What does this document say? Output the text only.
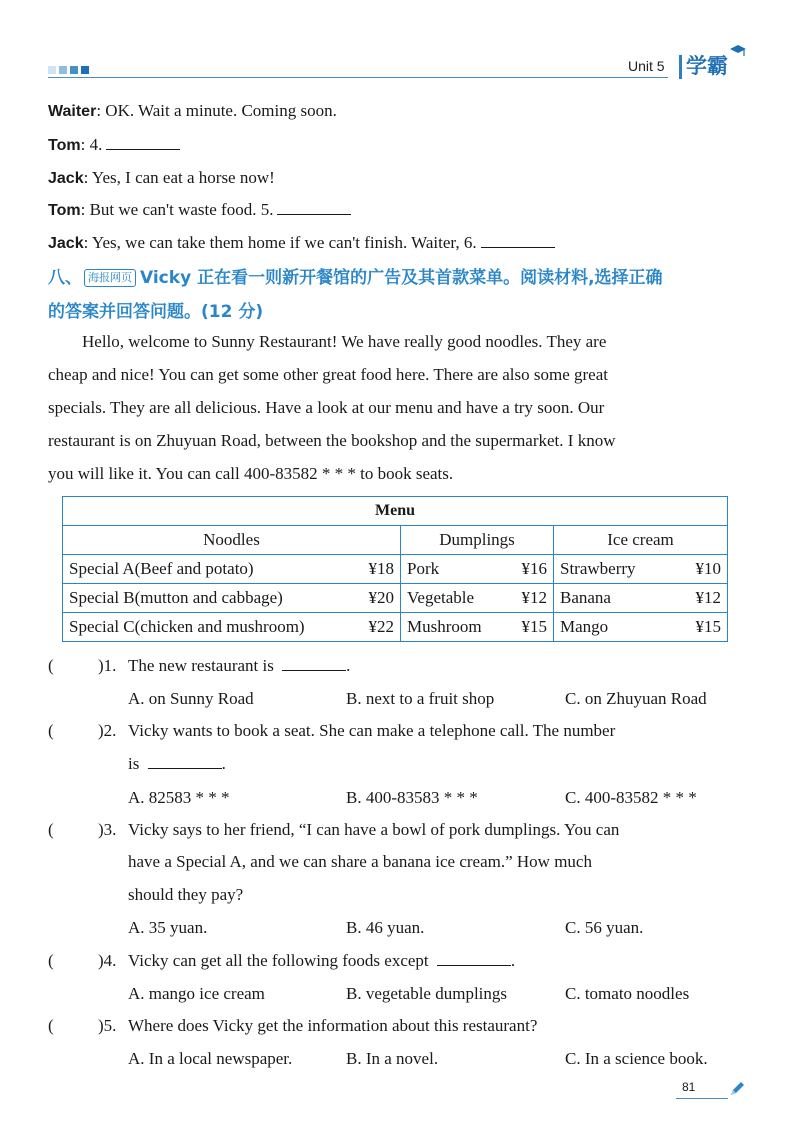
Unit 5 学霸
Waiter: OK. Wait a minute. Coming soon.
Tom: 4.
Jack: Yes, I can eat a horse now!
Tom: But we can't waste food. 5.
Jack: Yes, we can take them home if we can't finish. Waiter, 6.
八、 海报网页 Vicky 正在看一则新开餐馆的广告及其首款菜单。阅读材料,选择正确
的答案并回答问题。(12 分)
Hello, welcome to Sunny Restaurant! We have really good noodles. They are
cheap and nice! You can get some other great food here. There are also some great
specials. They are all delicious. Have a look at our menu and have a try soon. Our
restaurant is on Zhuyuan Road, between the bookshop and the supermarket. I know
you will like it. You can call 400-83582 * * * to book seats.
Menu		
Noodles	Dumplings	Ice cream

Special A(Beef and potato) ¥18	Pork ¥16	Strawberry ¥10

Special B(mutton and cabbage) ¥20	Vegetable ¥12	Banana ¥12

Special C(chicken and mushroom) ¥22	Mushroom ¥15	Mango ¥15
(	)1. The new restaurant is	.
A. on Sunny Road	B. next to a fruit shop	C. on Zhuyuan Road
(	)2. Vicky wants to book a seat. She can make a telephone call. The number
is	.
A. 82583 * * *	B. 400-83583 * * *	C. 400-83582 * * *
(	)3. Vicky says to her friend, “I can have a bowl of pork dumplings. You can
have a Special A, and we can share a banana ice cream.” How much
should they pay?
A. 35 yuan.	B. 46 yuan.	C. 56 yuan.
(	)4. Vicky can get all the following foods except	.
A. mango ice cream	B. vegetable dumplings	C. tomato noodles
(	)5. Where does Vicky get the information about this restaurant?
A. In a local newspaper.	B. In a novel.	C. In a science book.
81
